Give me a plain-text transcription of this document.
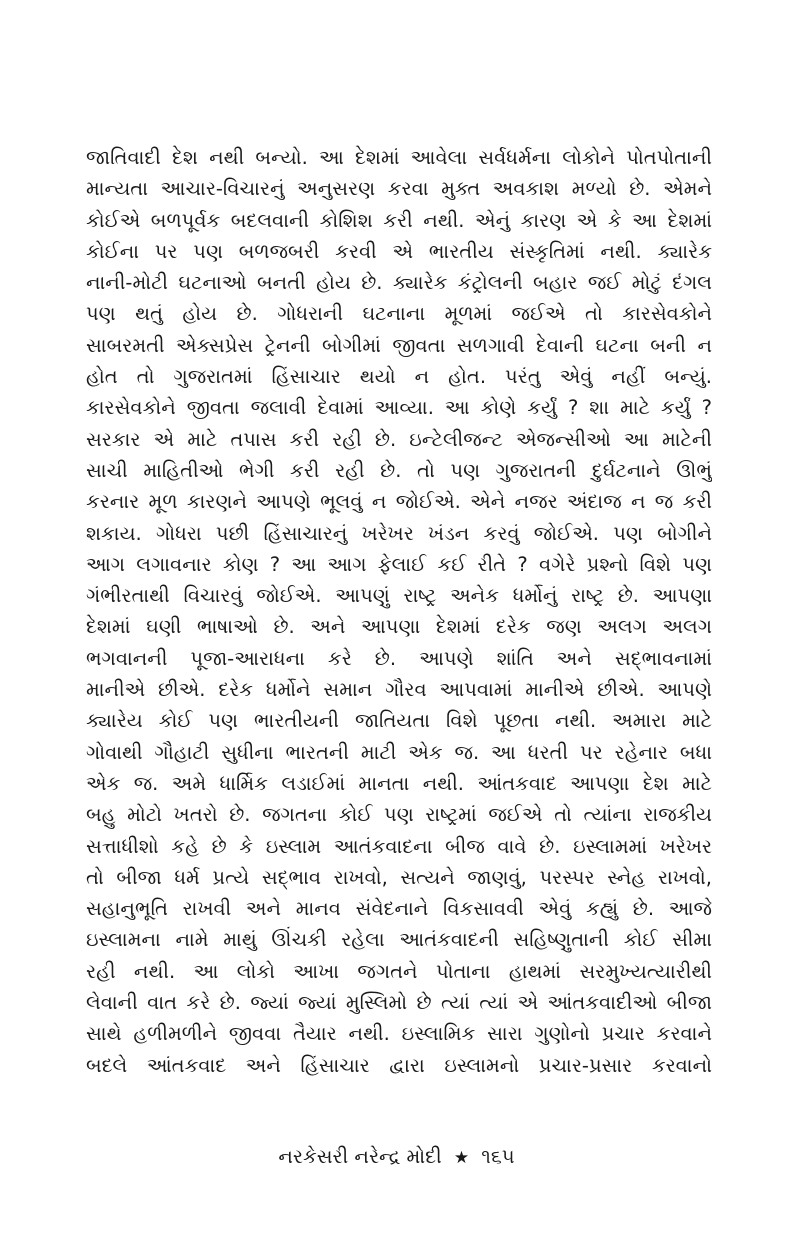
જાતિવાદી દેશ નથી બન્યો. આ દેશમાં આવેલા સર્વધર્મના લોકોને પોતપોતાની
માન્યતા આચાર-વિચારનું અનુસરણ કરવા મુક્ત અવકાશ મળ્યો છે. એમને
કોઈએ બળપૂર્વક બદલવાની કોશિશ કરી નથી. એનું કારણ એ કે આ દેશમાં
કોઈના પર પણ બળજબરી કરવી એ ભારતીય સંસ્કૃતિમાં નથી. ક્યારેક
નાની-મોટી ઘટનાઓ બનતી હોય છે. ક્યારેક કંટ્રોલની બહાર જઈ મોટું દંગલ
પણ થતું હોય છે. ગોધરાની ઘટનાના મૂળમાં જઈએ તો કારસેવકોને
સાબરમતી એક્સપ્રેસ ટ્રેનની બોગીમાં જીવતા સળગાવી દેવાની ઘટના બની ન
હોત તો ગુજરાતમાં હિંસાચાર થયો ન હોત. પરંતુ એવું નહીં બન્યું.
કારસેવકોને જીવતા જલાવી દેવામાં આવ્યા. આ કોણે કર્યું ? શા માટે કર્યું ?
સરકાર એ માટે તપાસ કરી રહી છે. ઇન્ટેલીજન્ટ એજન્સીઓ આ માટેની
સાચી માહિતીઓ ભેગી કરી રહી છે. તો પણ ગુજરાતની દુર્ઘટનાને ઊભું
કરનાર મૂળ કારણને આપણે ભૂલવું ન જોઈએ. એને નજર અંદાજ ન જ કરી
શકાય. ગોધરા પછી હિંસાચારનું ખરેખર ખંડન કરવું જોઈએ. પણ બોગીને
આગ લગાવનાર કોણ ? આ આગ ફેલાઈ કઈ રીતે ? વગેરે પ્રશ્નો વિશે પણ
ગંભીરતાથી વિચારવું જોઈએ. આપણું રાષ્ટ્ર અનેક ધર્મોનું રાષ્ટ્ર છે. આપણા
દેશમાં ઘણી ભાષાઓ છે. અને આપણા દેશમાં દરેક જણ અલગ અલગ
ભગવાનની પૂજા-આરાધના કરે છે. આપણે શાંતિ અને સદ્ભાવનામાં
માનીએ છીએ. દરેક ધર્મોને સમાન ગૌરવ આપવામાં માનીએ છીએ. આપણે
ક્યારેય કોઈ પણ ભારતીયની જાતિયતા વિશે પૂછતા નથી. અમારા માટે
ગોવાથી ગૌહાટી સુધીના ભારતની માટી એક જ. આ ધરતી પર રહેનાર બધા
એક જ. અમે ધાર્મિક લડાઈમાં માનતા નથી. આંતકવાદ આપણા દેશ માટે
બહુ મોટો ખતરો છે. જગતના કોઈ પણ રાષ્ટ્રમાં જઈએ તો ત્યાંના રાજકીય
સત્તાધીશો કહે છે કે ઇસ્લામ આતંકવાદના બીજ વાવે છે. ઇસ્લામમાં ખરેખર
તો બીજા ધર્મ પ્રત્યે સદ્ભાવ રાખવો, સત્યને જાણવું, પરસ્પર સ્નેહ રાખવો,
સહાનુભૂતિ રાખવી અને માનવ સંવેદનાને વિકસાવવી એવું કહ્યું છે. આજે
ઇસ્લામના નામે માથું ઊંચકી રહેલા આતંકવાદની સહિષ્ણુતાની કોઈ સીમા
રહી નથી. આ લોકો આખા જગતને પોતાના હાથમાં સરમુખ્યત્યારીથી
લેવાની વાત કરે છે. જ્યાં જ્યાં મુસ્લિમો છે ત્યાં ત્યાં એ આંતકવાદીઓ બીજા
સાથે હળીમળીને જીવવા તૈયાર નથી. ઇસ્લામિક સારા ગુણોનો પ્રચાર કરવાને
બદલે આંતકવાદ અને હિંસાચાર દ્વારા ઇસ્લામનો પ્રચાર-પ્રસાર કરવાનો
નરકેસરી નરેન્દ્ર મોદી ★ ૧૬૫
